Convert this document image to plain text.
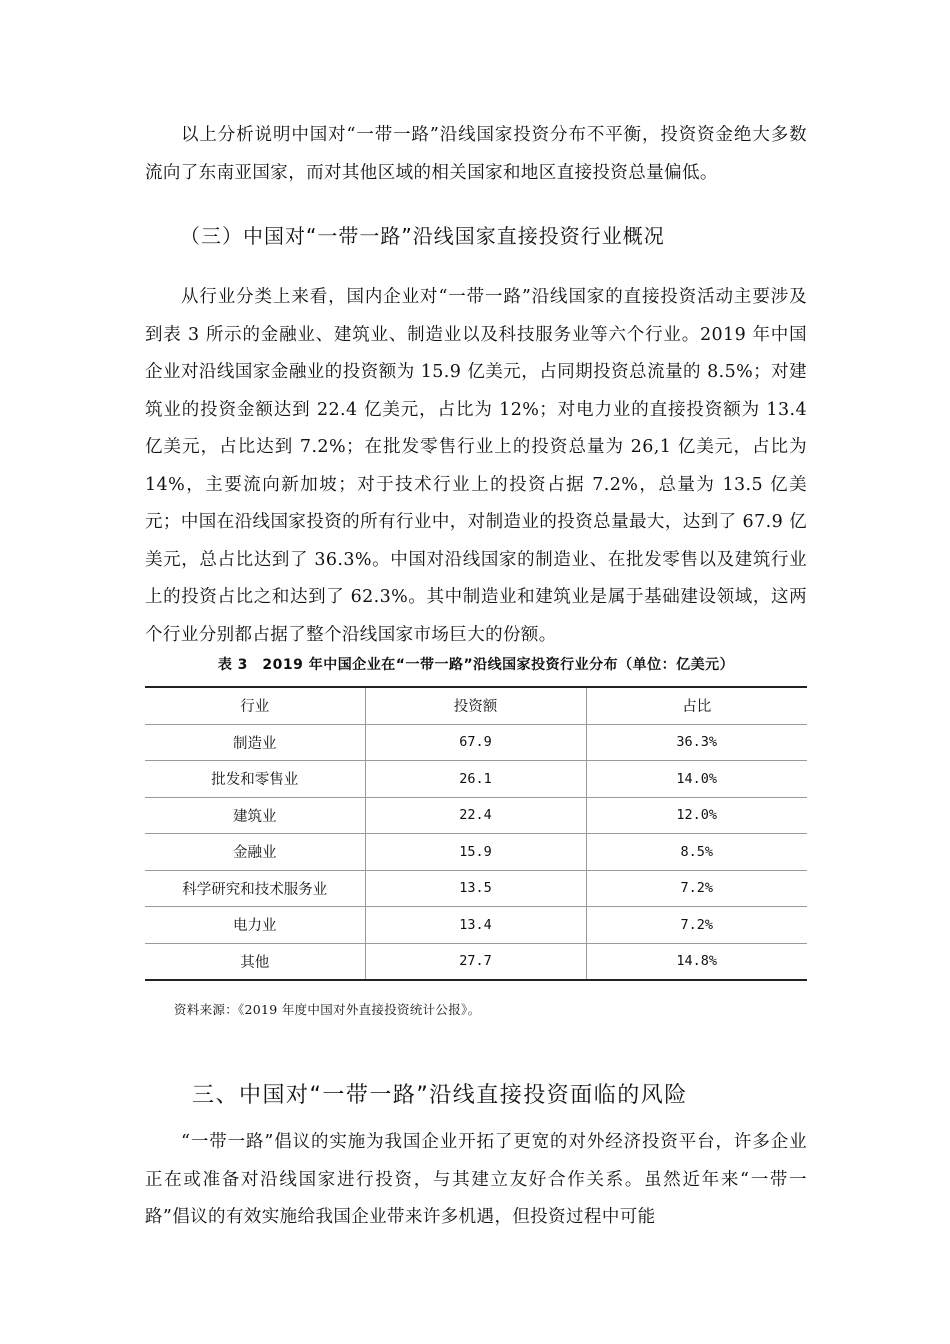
以上分析说明中国对“一带一路”沿线国家投资分布不平衡，投资资金绝大多数流向了东南亚国家，而对其他区域的相关国家和地区直接投资总量偏低。

（三）中国对“一带一路”沿线国家直接投资行业概况

从行业分类上来看，国内企业对“一带一路”沿线国家的直接投资活动主要涉及到表 3 所示的金融业、建筑业、制造业以及科技服务业等六个行业。2019 年中国企业对沿线国家金融业的投资额为 15.9 亿美元，占同期投资总流量的 8.5%；对建筑业的投资金额达到 22.4 亿美元，占比为 12%；对电力业的直接投资额为 13.4 亿美元，占比达到 7.2%；在批发零售行业上的投资总量为 26,1 亿美元，占比为 14%，主要流向新加坡；对于技术行业上的投资占据 7.2%，总量为 13.5 亿美元；中国在沿线国家投资的所有行业中，对制造业的投资总量最大，达到了 67.9 亿美元，总占比达到了 36.3%。中国对沿线国家的制造业、在批发零售以及建筑行业上的投资占比之和达到了 62.3%。其中制造业和建筑业是属于基础建设领域，这两个行业分别都占据了整个沿线国家市场巨大的份额。

表 3　2019 年中国企业在“一带一路”沿线国家投资行业分布（单位：亿美元）
行业	投资额	占比
制造业	67.9	36.3%
批发和零售业	26.1	14.0%
建筑业	22.4	12.0%
金融业	15.9	8.5%
科学研究和技术服务业	13.5	7.2%
电力业	13.4	7.2%
其他	27.7	14.8%
资料来源：《2019 年度中国对外直接投资统计公报》。
三、中国对“一带一路”沿线直接投资面临的风险

“一带一路”倡议的实施为我国企业开拓了更宽的对外经济投资平台，许多企业正在或准备对沿线国家进行投资，与其建立友好合作关系。虽然近年来“一带一路”倡议的有效实施给我国企业带来许多机遇，但投资过程中可能
